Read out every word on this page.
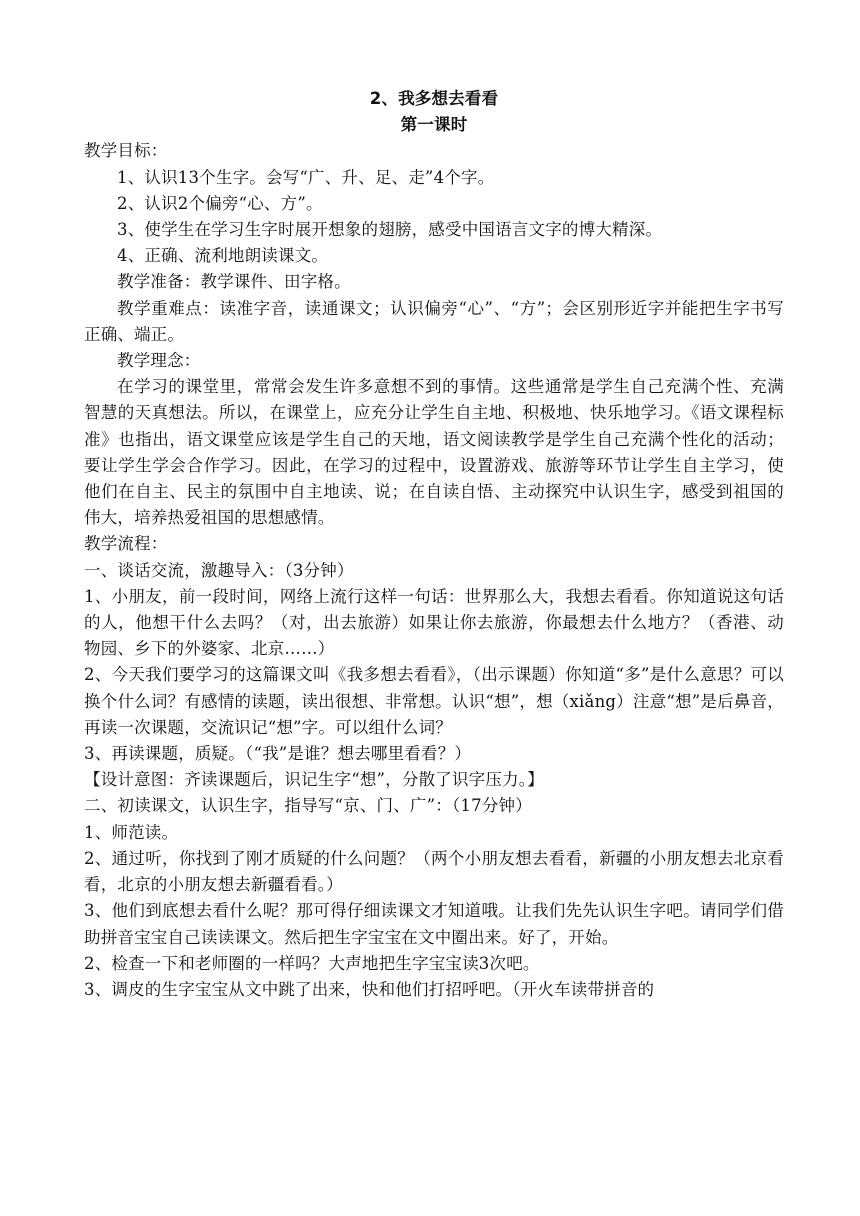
2、我多想去看看
第一课时

教学目标：

1、认识13个生字。会写“广、升、足、走”4个字。

2、认识2个偏旁“心、方”。

3、使学生在学习生字时展开想象的翅膀，感受中国语言文字的博大精深。

4、正确、流利地朗读课文。

教学准备：教学课件、田字格。

教学重难点：读准字音，读通课文；认识偏旁“心”、“方”；会区别形近字并能把生字书写正确、端正。

教学理念：

在学习的课堂里，常常会发生许多意想不到的事情。这些通常是学生自己充满个性、充满智慧的天真想法。所以，在课堂上，应充分让学生自主地、积极地、快乐地学习。《语文课程标准》也指出，语文课堂应该是学生自己的天地，语文阅读教学是学生自己充满个性化的活动；要让学生学会合作学习。因此，在学习的过程中，设置游戏、旅游等环节让学生自主学习，使他们在自主、民主的氛围中自主地读、说；在自读自悟、主动探究中认识生字，感受到祖国的伟大，培养热爱祖国的思想感情。

教学流程：

一、谈话交流，激趣导入：（3分钟）

1、小朋友，前一段时间，网络上流行这样一句话：世界那么大，我想去看看。你知道说这句话的人，他想干什么去吗？（对，出去旅游）如果让你去旅游，你最想去什么地方？（香港、动物园、乡下的外婆家、北京……）

2、今天我们要学习的这篇课文叫《我多想去看看》，（出示课题）你知道“多”是什么意思？可以换个什么词？有感情的读题，读出很想、非常想。认识“想”，想（xiǎng）注意“想”是后鼻音，再读一次课题，交流识记“想”字。可以组什么词？

3、再读课题，质疑。（“我”是谁？想去哪里看看？）

【设计意图：齐读课题后，识记生字“想”，分散了识字压力。】

二、初读课文，认识生字，指导写“京、门、广”：（17分钟）

1、师范读。

2、通过听，你找到了刚才质疑的什么问题？（两个小朋友想去看看，新疆的小朋友想去北京看看，北京的小朋友想去新疆看看。）

3、他们到底想去看什么呢？那可得仔细读课文才知道哦。让我们先先认识生字吧。请同学们借助拼音宝宝自己读读课文。然后把生字宝宝在文中圈出来。好了，开始。

2、检查一下和老师圈的一样吗？大声地把生字宝宝读3次吧。

3、调皮的生字宝宝从文中跳了出来，快和他们打招呼吧。（开火车读带拼音的
